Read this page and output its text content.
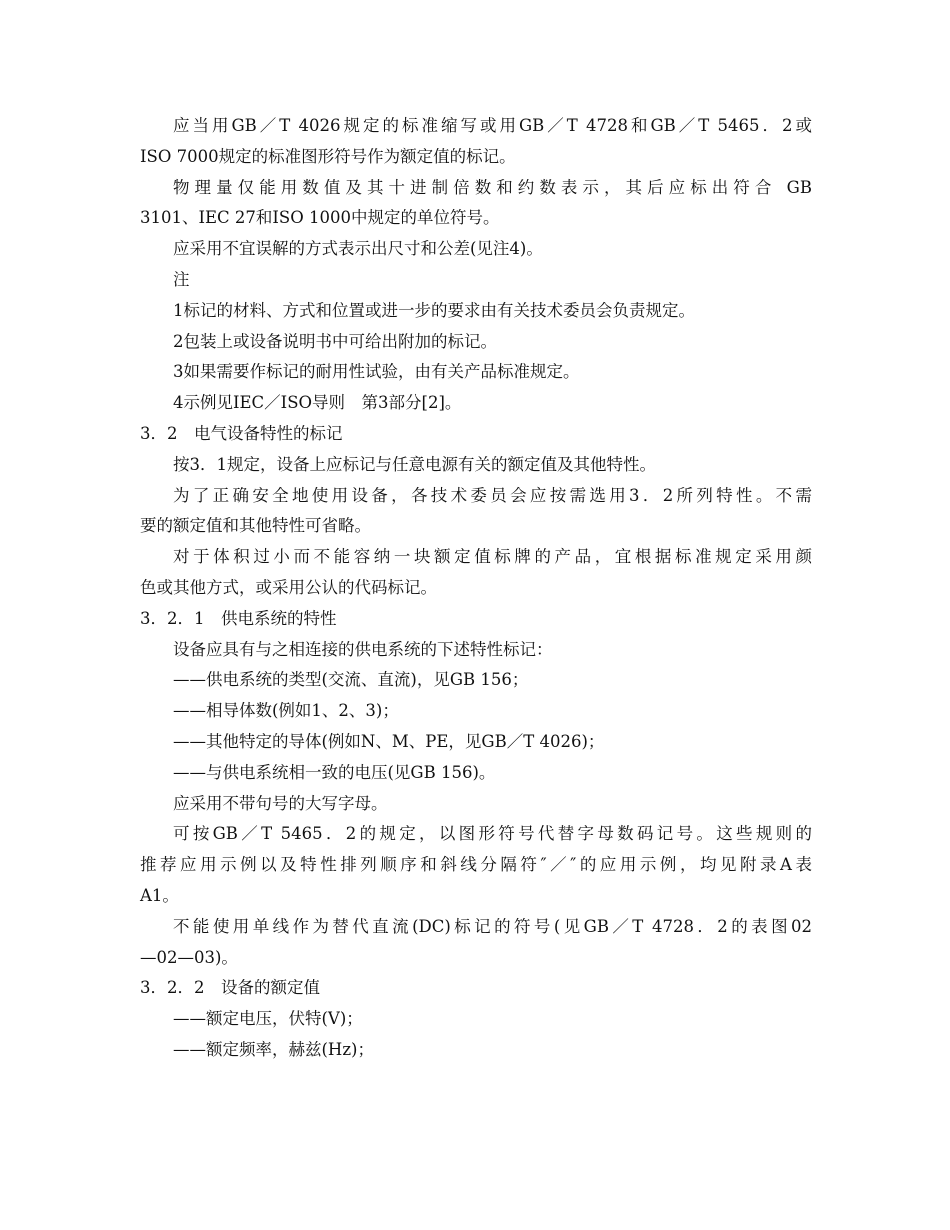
应当用GB／T 4026规定的标准缩写或用GB／T 4728和GB／T 5465．2或
ISO 7000规定的标准图形符号作为额定值的标记。
物理量仅能用数值及其十进制倍数和约数表示，其后应标出符合 GB
3101、IEC 27和ISO 1000中规定的单位符号。
应采用不宜误解的方式表示出尺寸和公差(见注4)。
注
1标记的材料、方式和位置或进一步的要求由有关技术委员会负责规定。
2包装上或设备说明书中可给出附加的标记。
3如果需要作标记的耐用性试验，由有关产品标准规定。
4示例见IEC／ISO导则　第3部分[2]。
3．2　电气设备特性的标记
按3．1规定，设备上应标记与任意电源有关的额定值及其他特性。
为了正确安全地使用设备，各技术委员会应按需选用3．2所列特性。不需
要的额定值和其他特性可省略。
对于体积过小而不能容纳一块额定值标牌的产品，宜根据标准规定采用颜
色或其他方式，或采用公认的代码标记。
3．2．1　供电系统的特性
设备应具有与之相连接的供电系统的下述特性标记：
——供电系统的类型(交流、直流)，见GB 156；
——相导体数(例如1、2、3)；
——其他特定的导体(例如N、M、PE，见GB／T 4026)；
——与供电系统相一致的电压(见GB 156)。
应采用不带句号的大写字母。
可按GB／T 5465．2的规定，以图形符号代替字母数码记号。这些规则的
推荐应用示例以及特性排列顺序和斜线分隔符″／″的应用示例，均见附录A表
A1。
不能使用单线作为替代直流(DC)标记的符号(见GB／T 4728．2的表图02
—02—03)。
3．2．2　设备的额定值
——额定电压，伏特(V)；
——额定频率，赫兹(Hz)；
